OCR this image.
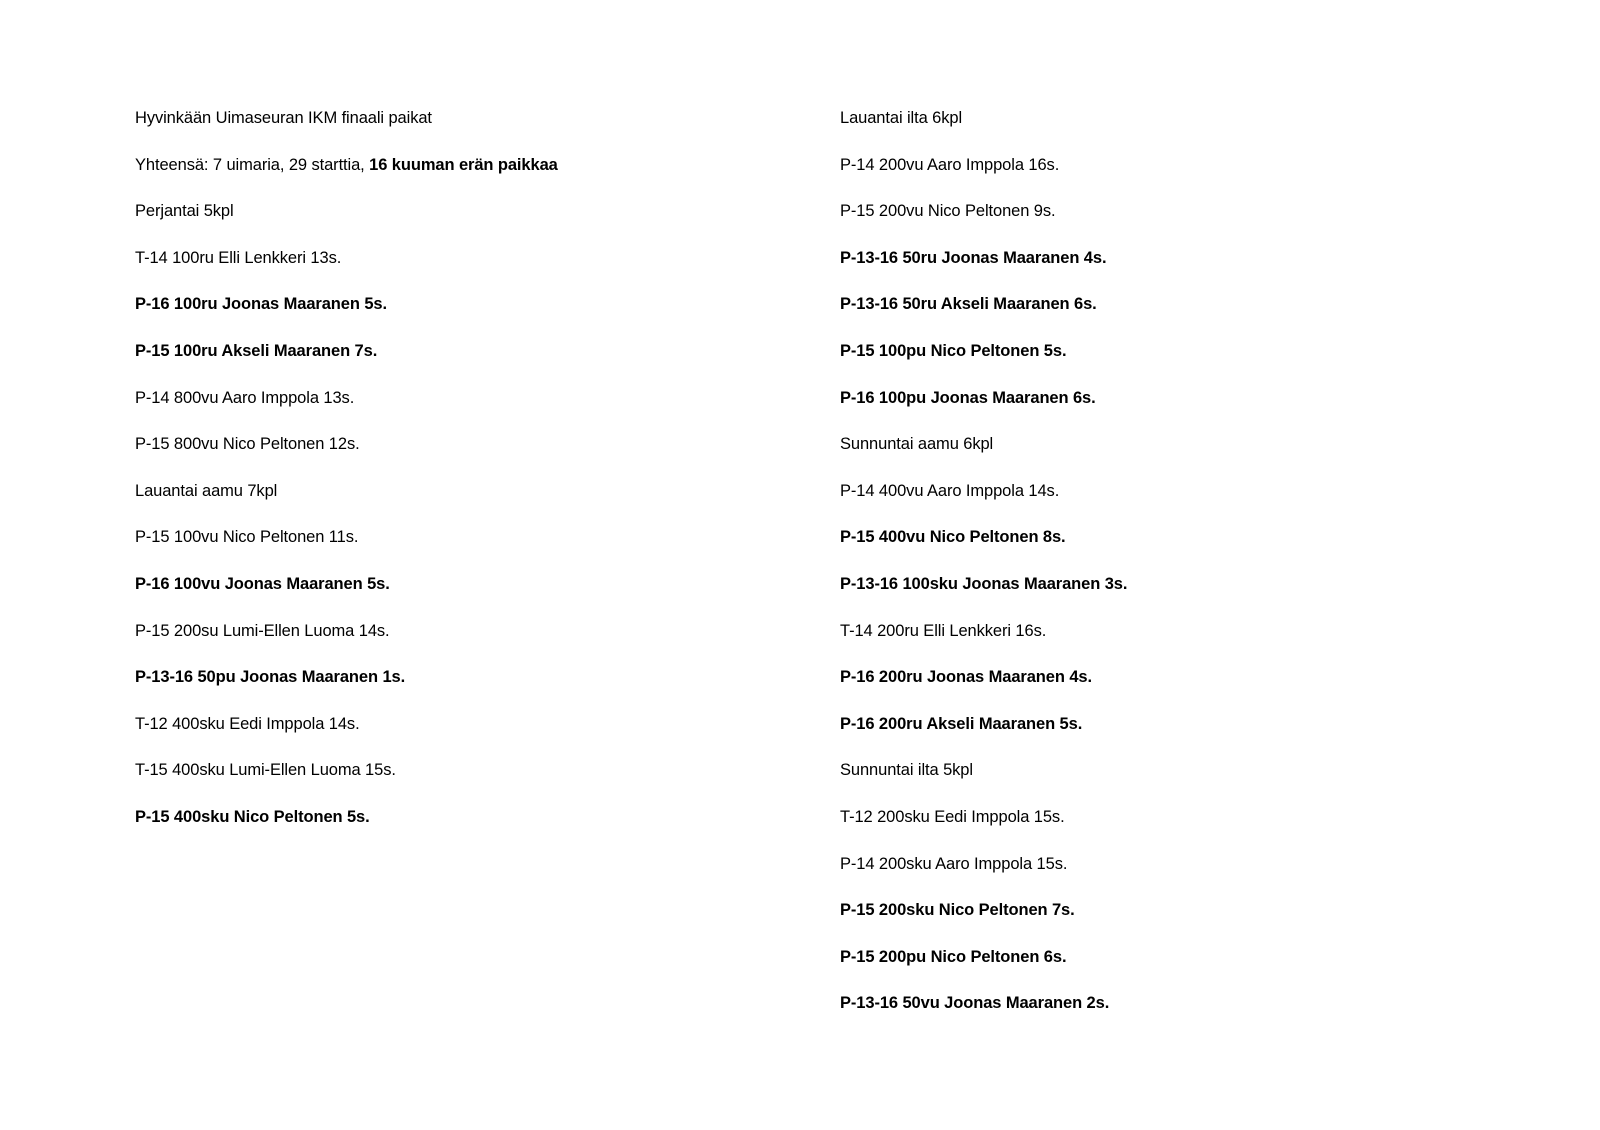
Hyvinkään Uimaseuran IKM finaali paikat
Yhteensä: 7 uimaria, 29 starttia, 16 kuuman erän paikkaa
Perjantai 5kpl
T-14 100ru Elli Lenkkeri 13s.
P-16 100ru Joonas Maaranen 5s.
P-15 100ru Akseli Maaranen 7s.
P-14 800vu Aaro Imppola 13s.
P-15 800vu Nico Peltonen 12s.
Lauantai aamu 7kpl
P-15 100vu Nico Peltonen 11s.
P-16 100vu Joonas Maaranen 5s.
P-15 200su Lumi-Ellen Luoma 14s.
P-13-16 50pu Joonas Maaranen 1s.
T-12 400sku Eedi Imppola 14s.
T-15 400sku Lumi-Ellen Luoma 15s.
P-15 400sku Nico Peltonen 5s.
Lauantai ilta 6kpl
P-14 200vu Aaro Imppola 16s.
P-15 200vu Nico Peltonen 9s.
P-13-16 50ru Joonas Maaranen 4s.
P-13-16 50ru Akseli Maaranen 6s.
P-15 100pu Nico Peltonen 5s.
P-16 100pu Joonas Maaranen 6s.
Sunnuntai aamu 6kpl
P-14 400vu Aaro Imppola 14s.
P-15 400vu Nico Peltonen 8s.
P-13-16 100sku Joonas Maaranen 3s.
T-14 200ru Elli Lenkkeri 16s.
P-16 200ru Joonas Maaranen 4s.
P-16 200ru Akseli Maaranen 5s.
Sunnuntai ilta 5kpl
T-12 200sku Eedi Imppola 15s.
P-14 200sku Aaro Imppola 15s.
P-15 200sku Nico Peltonen 7s.
P-15 200pu Nico Peltonen 6s.
P-13-16 50vu Joonas Maaranen 2s.
